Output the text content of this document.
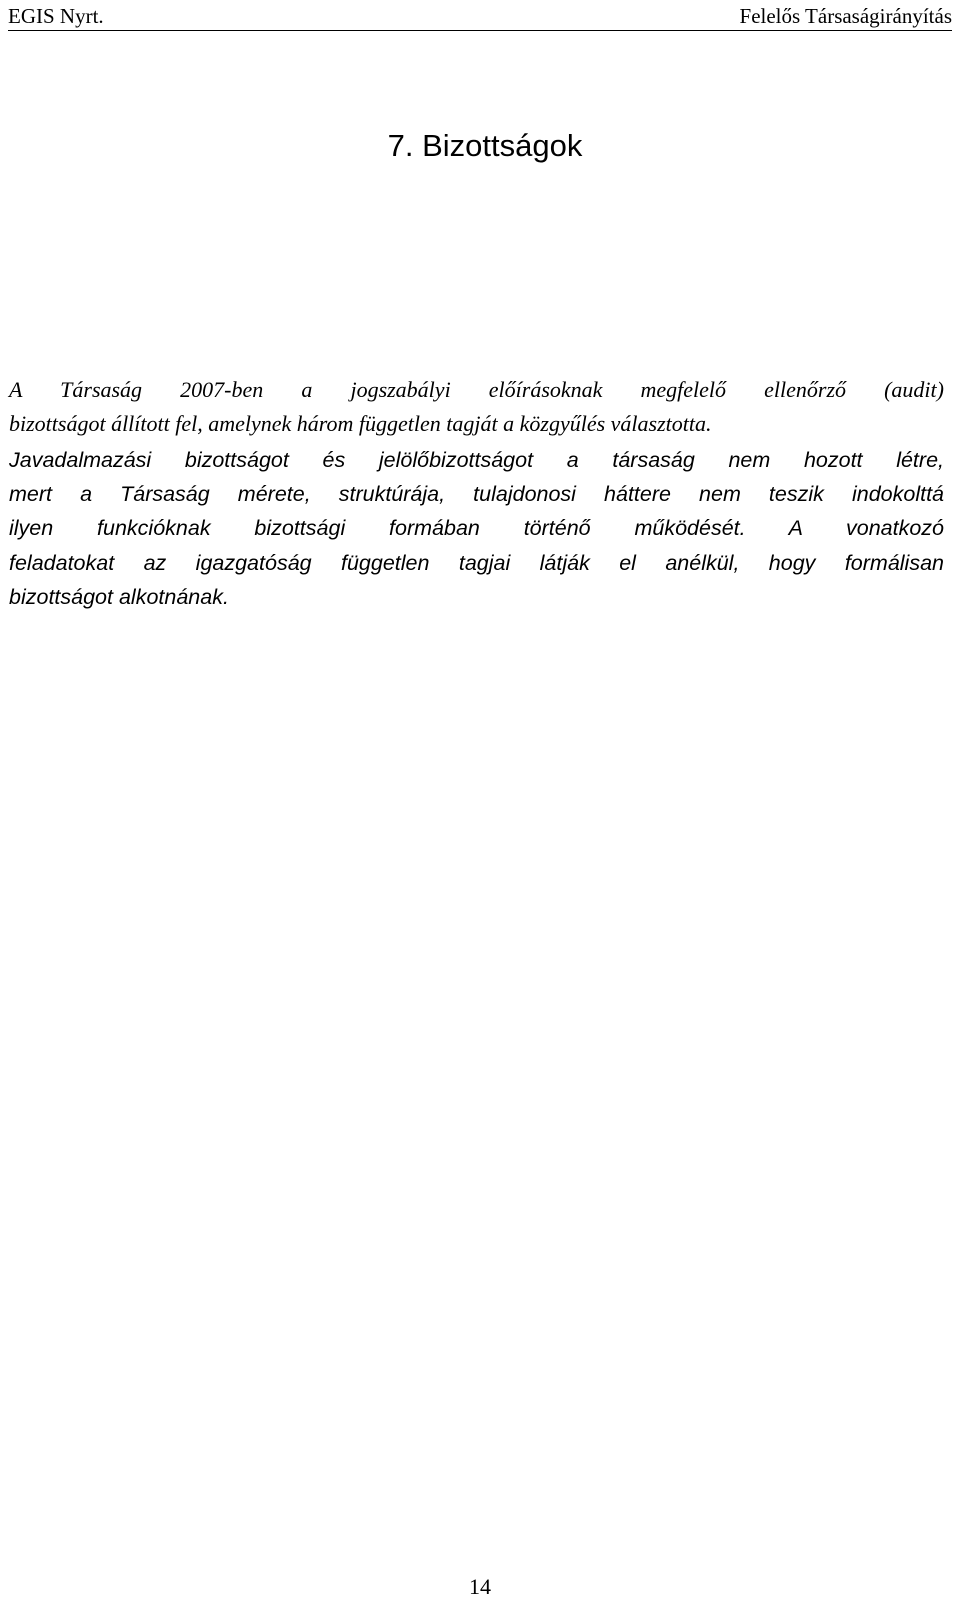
EGIS Nyrt.	Felelős Társaságirányítás
7. Bizottságok
A Társaság 2007-ben a jogszabályi előírásoknak megfelelő ellenőrző (audit)
bizottságot állított fel, amelynek három független tagját a közgyűlés választotta.
Javadalmazási bizottságot és jelölőbizottságot a társaság nem hozott létre,
mert a Társaság mérete, struktúrája, tulajdonosi háttere nem teszik indokolttá
ilyen funkcióknak bizottsági formában történő működését. A vonatkozó
feladatokat az igazgatóság független tagjai látják el anélkül, hogy formálisan
bizottságot alkotnának.
14
